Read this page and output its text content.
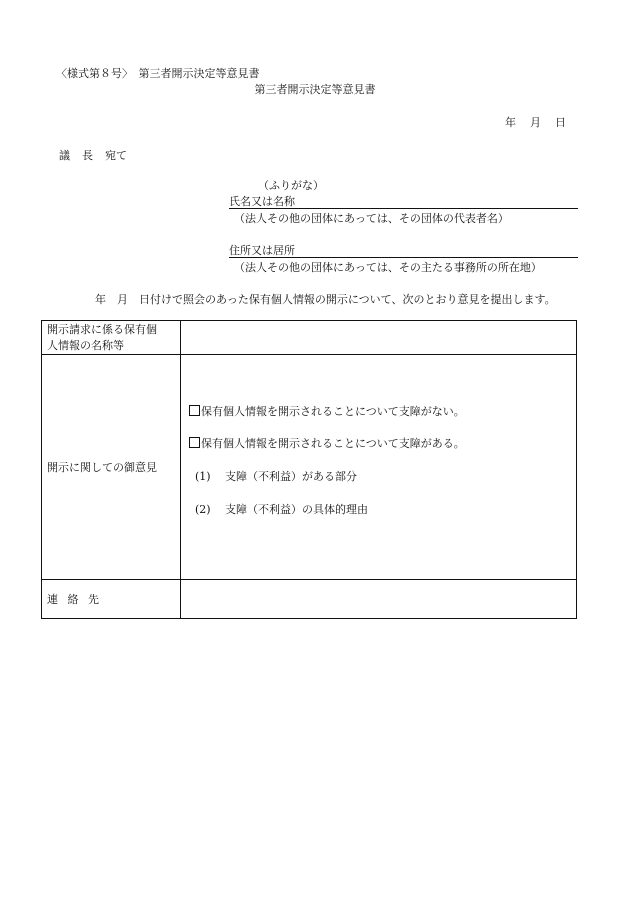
〈様式第８号〉　第三者開示決定等意見書
第三者開示決定等意見書
年 月 日
議 長 宛て
（ふりがな）
氏名又は名称
（法人その他の団体にあっては、その団体の代表者名）
住所又は居所
（法人その他の団体にあっては、その主たる事務所の所在地）
年　月　日付けで照会のあった保有個人情報の開示について、次のとおり意見を提出します。
開示請求に係る保有個
人情報の名称等	
開示に関しての御意見	保有個人情報を開示されることについて支障がない。
保有個人情報を開示されることについて支障がある。
(1) 支障（不利益）がある部分
(2) 支障（不利益）の具体的理由

連 絡 先	
